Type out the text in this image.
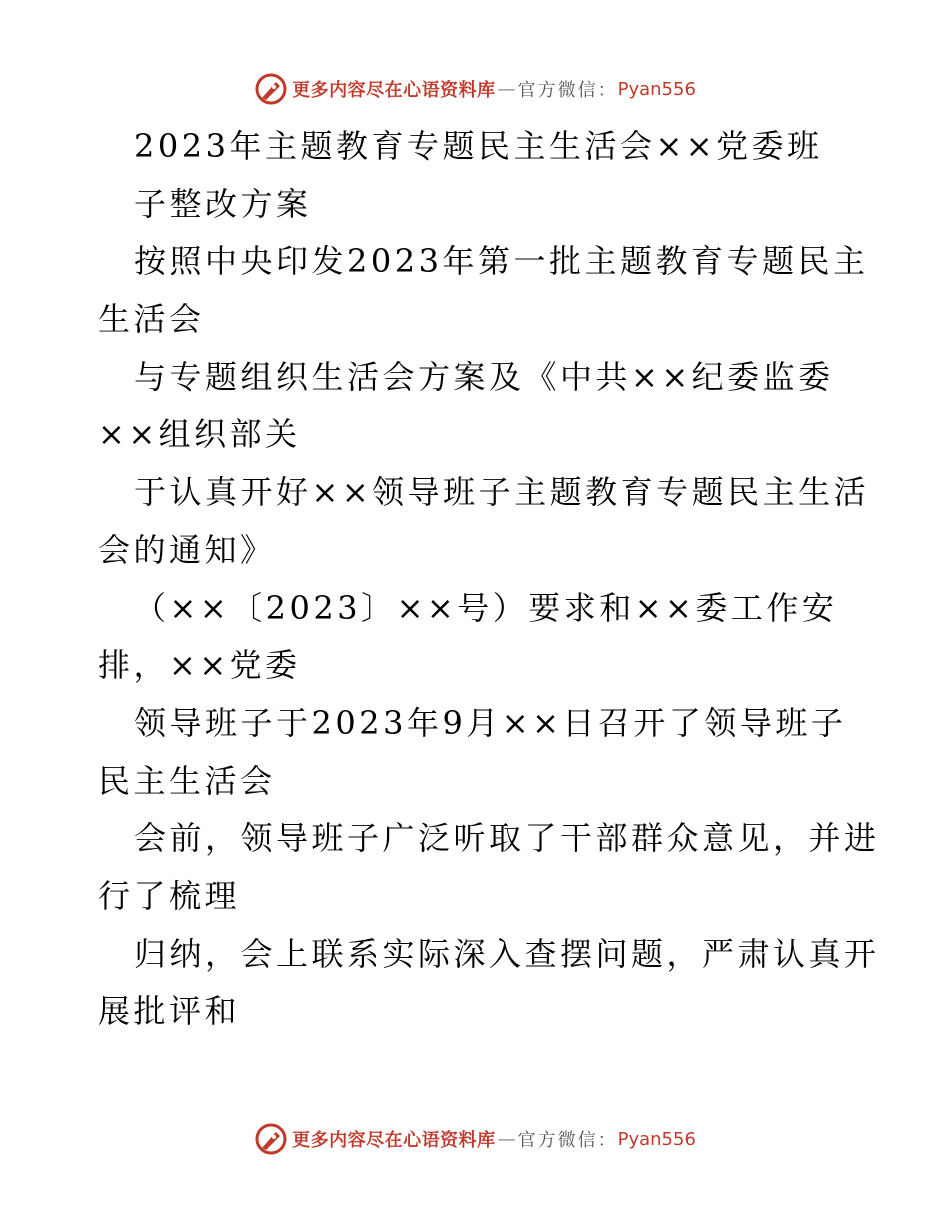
更多内容尽在心语资料库 — 官方微信： Pyan556
2023年主题教育专题民主生活会××党委班
子整改方案
按照中央印发2023年第一批主题教育专题民主
生活会
与专题组织生活会方案及《中共××纪委监委
××组织部关
于认真开好××领导班子主题教育专题民主生活
会的通知》
（××〔2023〕××号）要求和××委工作安
排，××党委
领导班子于2023年9月××日召开了领导班子
民主生活会
会前，领导班子广泛听取了干部群众意见，并进
行了梳理
归纳，会上联系实际深入查摆问题，严肃认真开
展批评和
更多内容尽在心语资料库 — 官方微信： Pyan556
